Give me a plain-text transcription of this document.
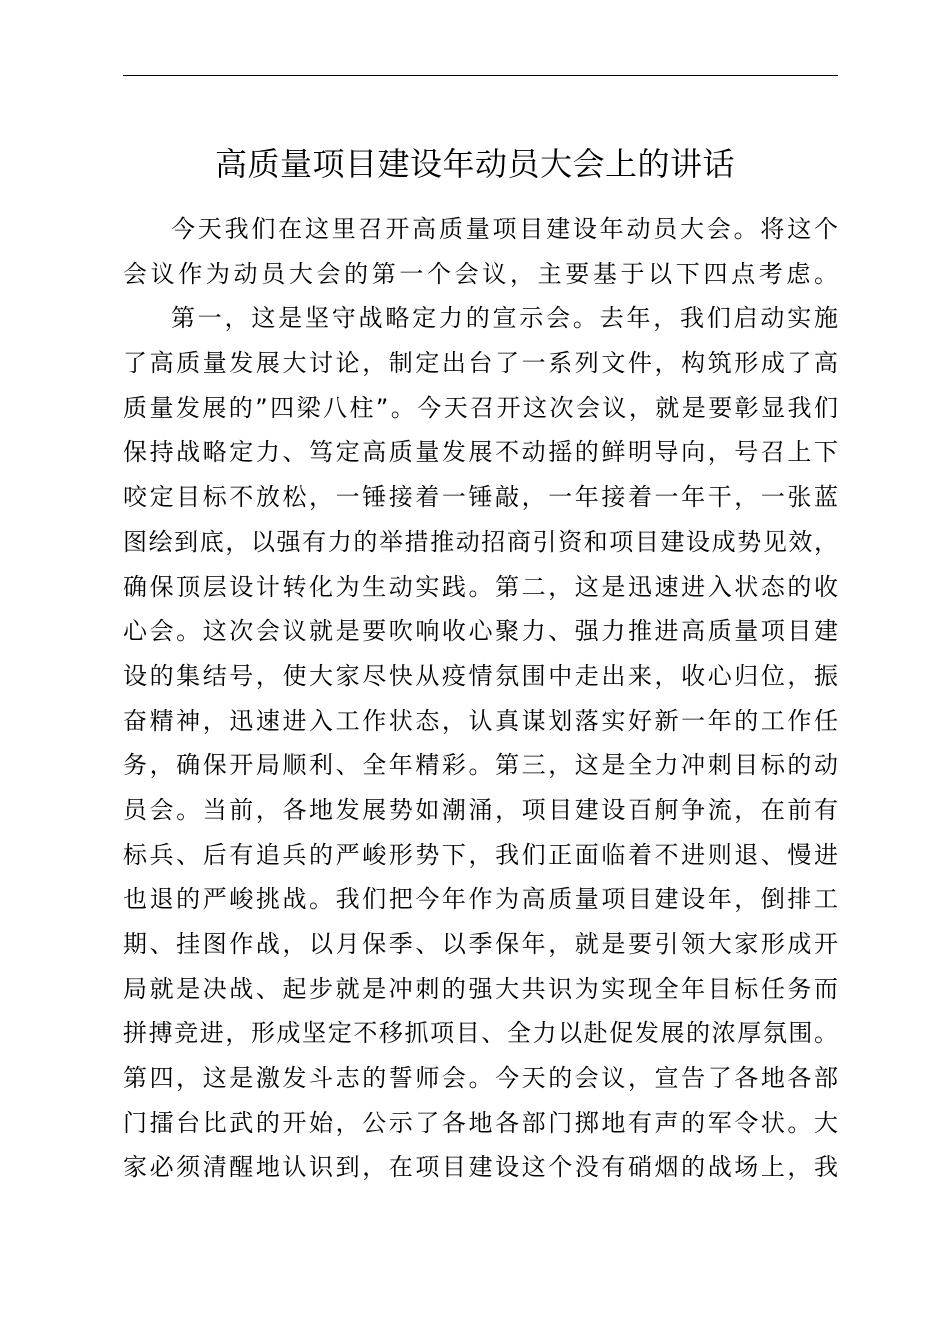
高质量项目建设年动员大会上的讲话
今天我们在这里召开高质量项目建设年动员大会。将这个
会议作为动员大会的第一个会议，主要基于以下四点考虑。
第一，这是坚守战略定力的宣示会。去年，我们启动实施
了高质量发展大讨论，制定出台了一系列文件，构筑形成了高
质量发展的”四梁八柱”。今天召开这次会议，就是要彰显我们
保持战略定力、笃定高质量发展不动摇的鲜明导向，号召上下
咬定目标不放松，一锤接着一锤敲，一年接着一年干，一张蓝
图绘到底，以强有力的举措推动招商引资和项目建设成势见效，
确保顶层设计转化为生动实践。第二，这是迅速进入状态的收
心会。这次会议就是要吹响收心聚力、强力推进高质量项目建
设的集结号，使大家尽快从疫情氛围中走出来，收心归位，振
奋精神，迅速进入工作状态，认真谋划落实好新一年的工作任
务，确保开局顺利、全年精彩。第三，这是全力冲刺目标的动
员会。当前，各地发展势如潮涌，项目建设百舸争流，在前有
标兵、后有追兵的严峻形势下，我们正面临着不进则退、慢进
也退的严峻挑战。我们把今年作为高质量项目建设年，倒排工
期、挂图作战，以月保季、以季保年，就是要引领大家形成开
局就是决战、起步就是冲刺的强大共识为实现全年目标任务而
拼搏竞进，形成坚定不移抓项目、全力以赴促发展的浓厚氛围。
第四，这是激发斗志的誓师会。今天的会议，宣告了各地各部
门擂台比武的开始，公示了各地各部门掷地有声的军令状。大
家必须清醒地认识到，在项目建设这个没有硝烟的战场上，我
